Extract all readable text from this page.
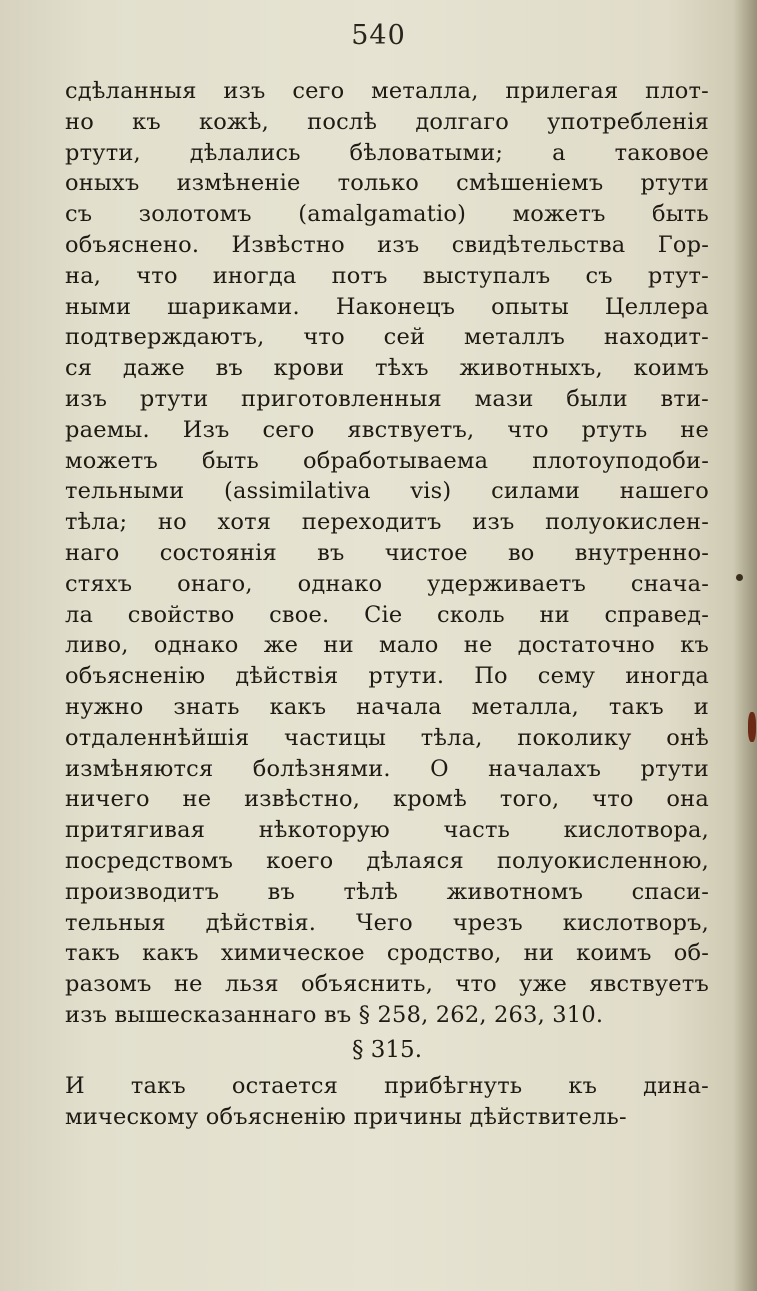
540
сдѣланныя изъ сего металла, прилегая плот-
но къ кожѣ, послѣ долгаго употребленія
ртути, дѣлались бѣловатыми; а таковое
оныхъ измѣненіе только смѣшеніемъ ртути
съ золотомъ (amalgamatio) можетъ быть
объяснено. Извѣстно изъ свидѣтельства Гор-
на, что иногда потъ выступалъ съ ртут-
ными шариками. Наконецъ опыты Целлера
подтверждаютъ, что сей металлъ находит-
ся даже въ крови тѣхъ животныхъ, коимъ
изъ ртути приготовленныя мази были вти-
раемы. Изъ сего явствуетъ, что ртуть не
можетъ быть обработываема плотоуподоби-
тельными (assimilativa vis) силами нашего
тѣла; но хотя переходитъ изъ полуокислен-
наго состоянія въ чистое во внутренно-
стяхъ онаго, однако удерживаетъ снача-
ла свойство свое. Сіе сколь ни справед-
ливо, однако же ни мало не достаточно къ
объясненію дѣйствія ртути. По сему иногда
нужно знать какъ начала металла, такъ и
отдаленнѣйшія частицы тѣла, поколику онѣ
измѣняются болѣзнями. О началахъ ртути
ничего не извѣстно, кромѣ того, что она
притягивая нѣкоторую часть кислотвора,
посредствомъ коего дѣлаяся полуокисленною,
производитъ въ тѣлѣ животномъ спаси-
тельныя дѣйствія. Чего чрезъ кислотворъ,
такъ какъ химическое сродство, ни коимъ об-
разомъ не льзя объяснить, что уже явствуетъ
изъ вышесказаннаго въ § 258, 262, 263, 310.
§ 315.
И такъ остается прибѣгнуть къ дина-
мическому объясненію причины дѣйствитель-
